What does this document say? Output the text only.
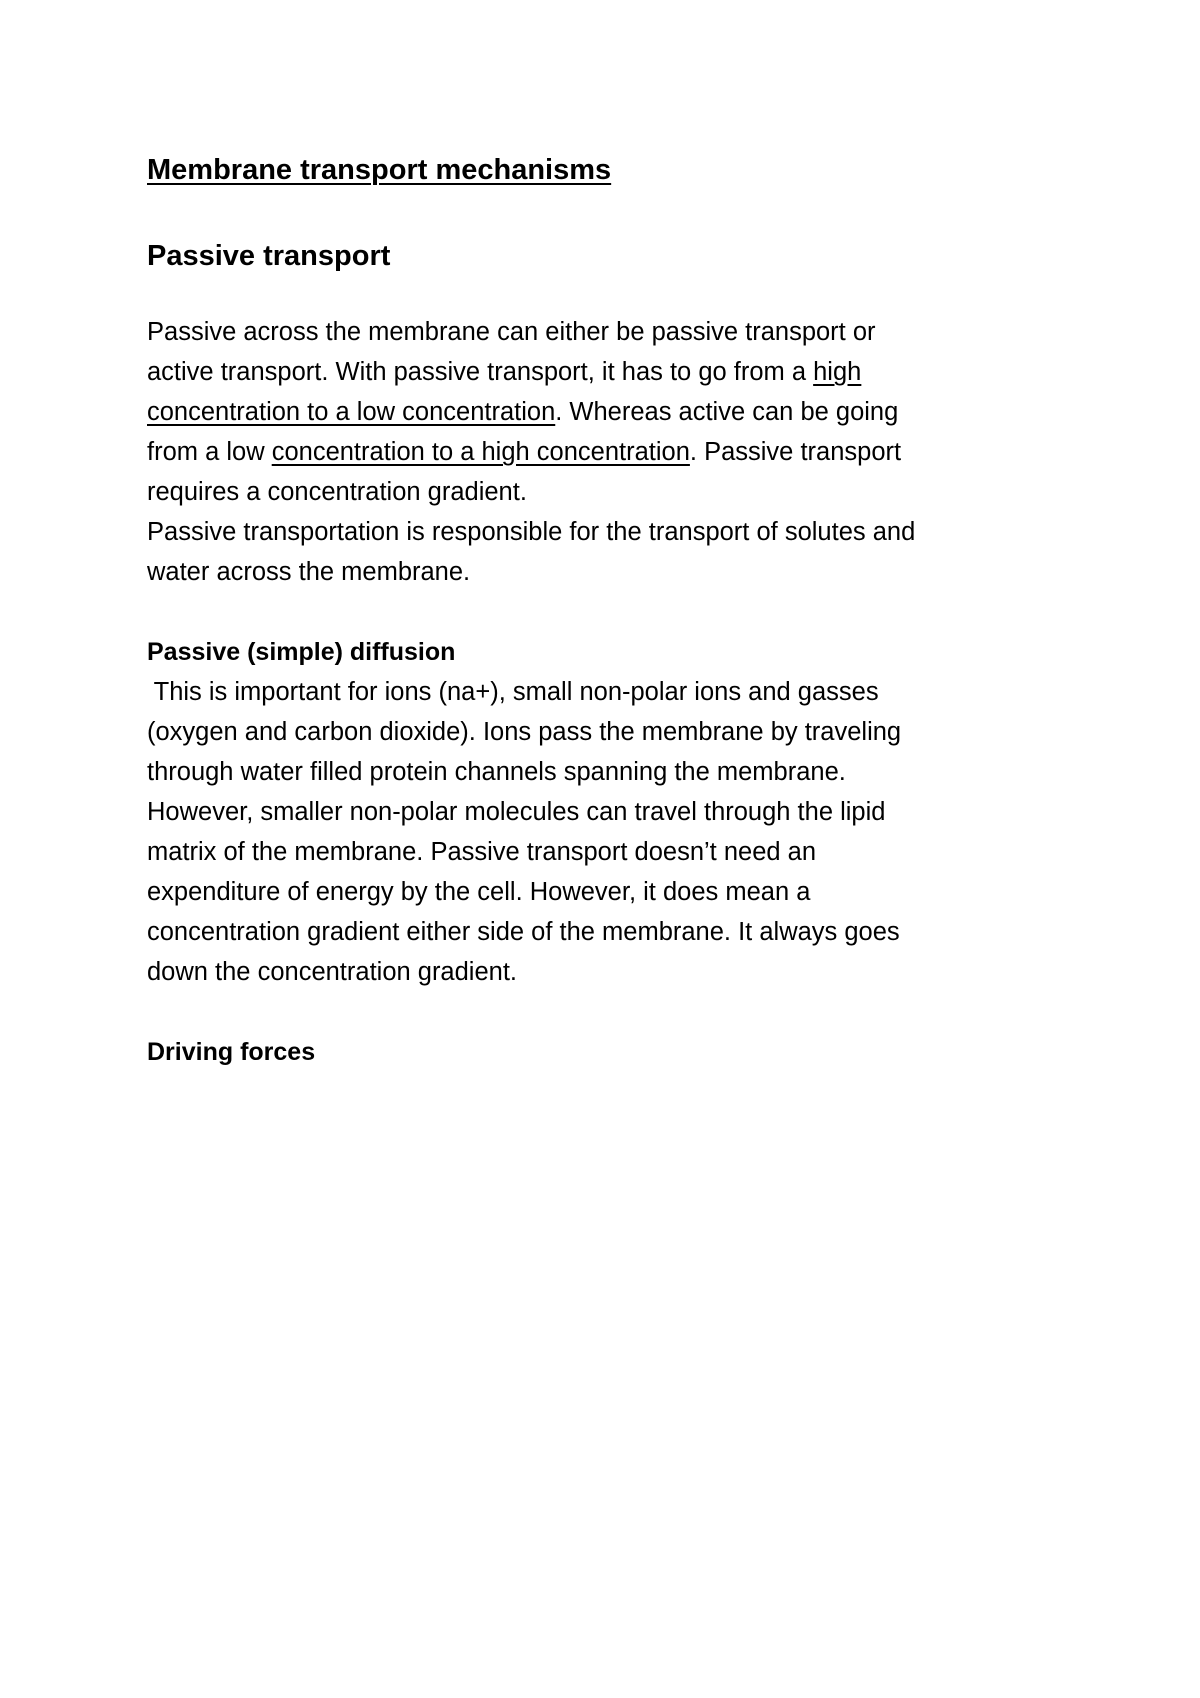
Membrane transport mechanisms
Passive transport

Passive across the membrane can either be passive transport or

active transport. With passive transport, it has to go from a high

concentration to a low concentration. Whereas active can be going

from a low concentration to a high concentration. Passive transport

requires a concentration gradient.

Passive transportation is responsible for the transport of solutes and

water across the membrane.

Passive (simple) diffusion

This is important for ions (na+), small non-polar ions and gasses

(oxygen and carbon dioxide). Ions pass the membrane by traveling

through water filled protein channels spanning the membrane.

However, smaller non-polar molecules can travel through the lipid

matrix of the membrane. Passive transport doesn’t need an

expenditure of energy by the cell. However, it does mean a

concentration gradient either side of the membrane. It always goes

down the concentration gradient.

Driving forces
